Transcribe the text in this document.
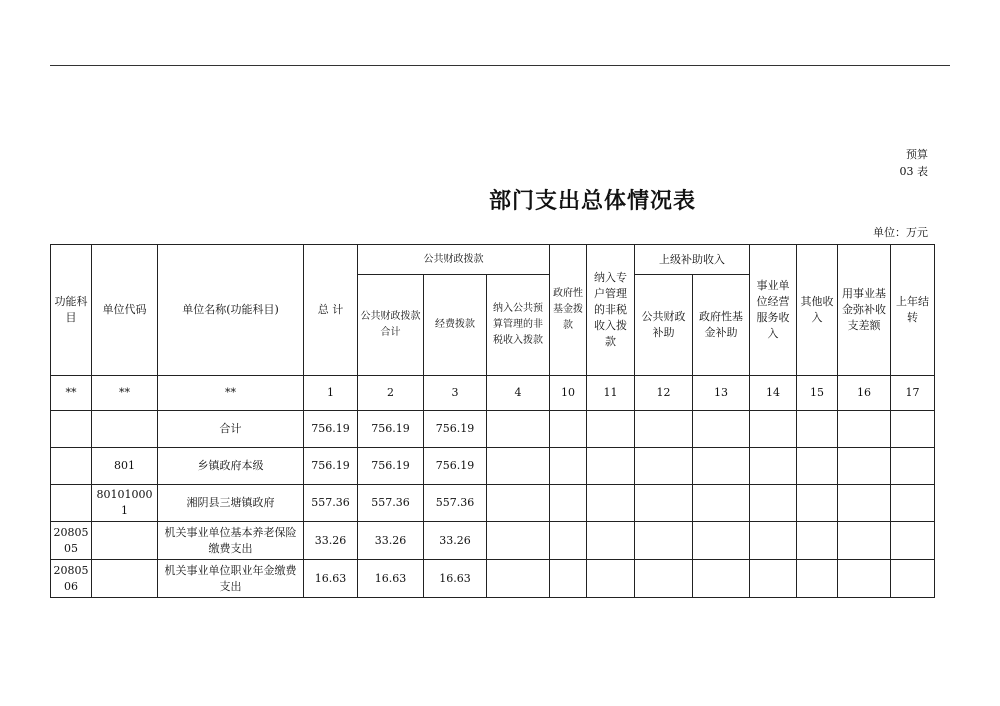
预算
03 表
部门支出总体情况表
单位：万元
功能科目	单位代码	单位名称(功能科目)	总 计	公共财政拨款			政府性基金拨款	纳入专户管理的非税收入拨款	上级补助收入		事业单位经营服务收入	其他收入	用事业基金弥补收支差额	上年结转
				公共财政拨款合计	经费拨款	纳入公共预算管理的非税收入拨款			公共财政补助	政府性基金补助				
**	**	**	1	2	3	4	10	11	12	13	14	15	16	17
		合计	756.19	756.19	756.19									
	801	乡镇政府本级	756.19	756.19	756.19									
	801010001	湘阴县三塘镇政府	557.36	557.36	557.36									
2080505		机关事业单位基本养老保险缴费支出	33.26	33.26	33.26									
2080506		机关事业单位职业年金缴费支出	16.63	16.63	16.63									
